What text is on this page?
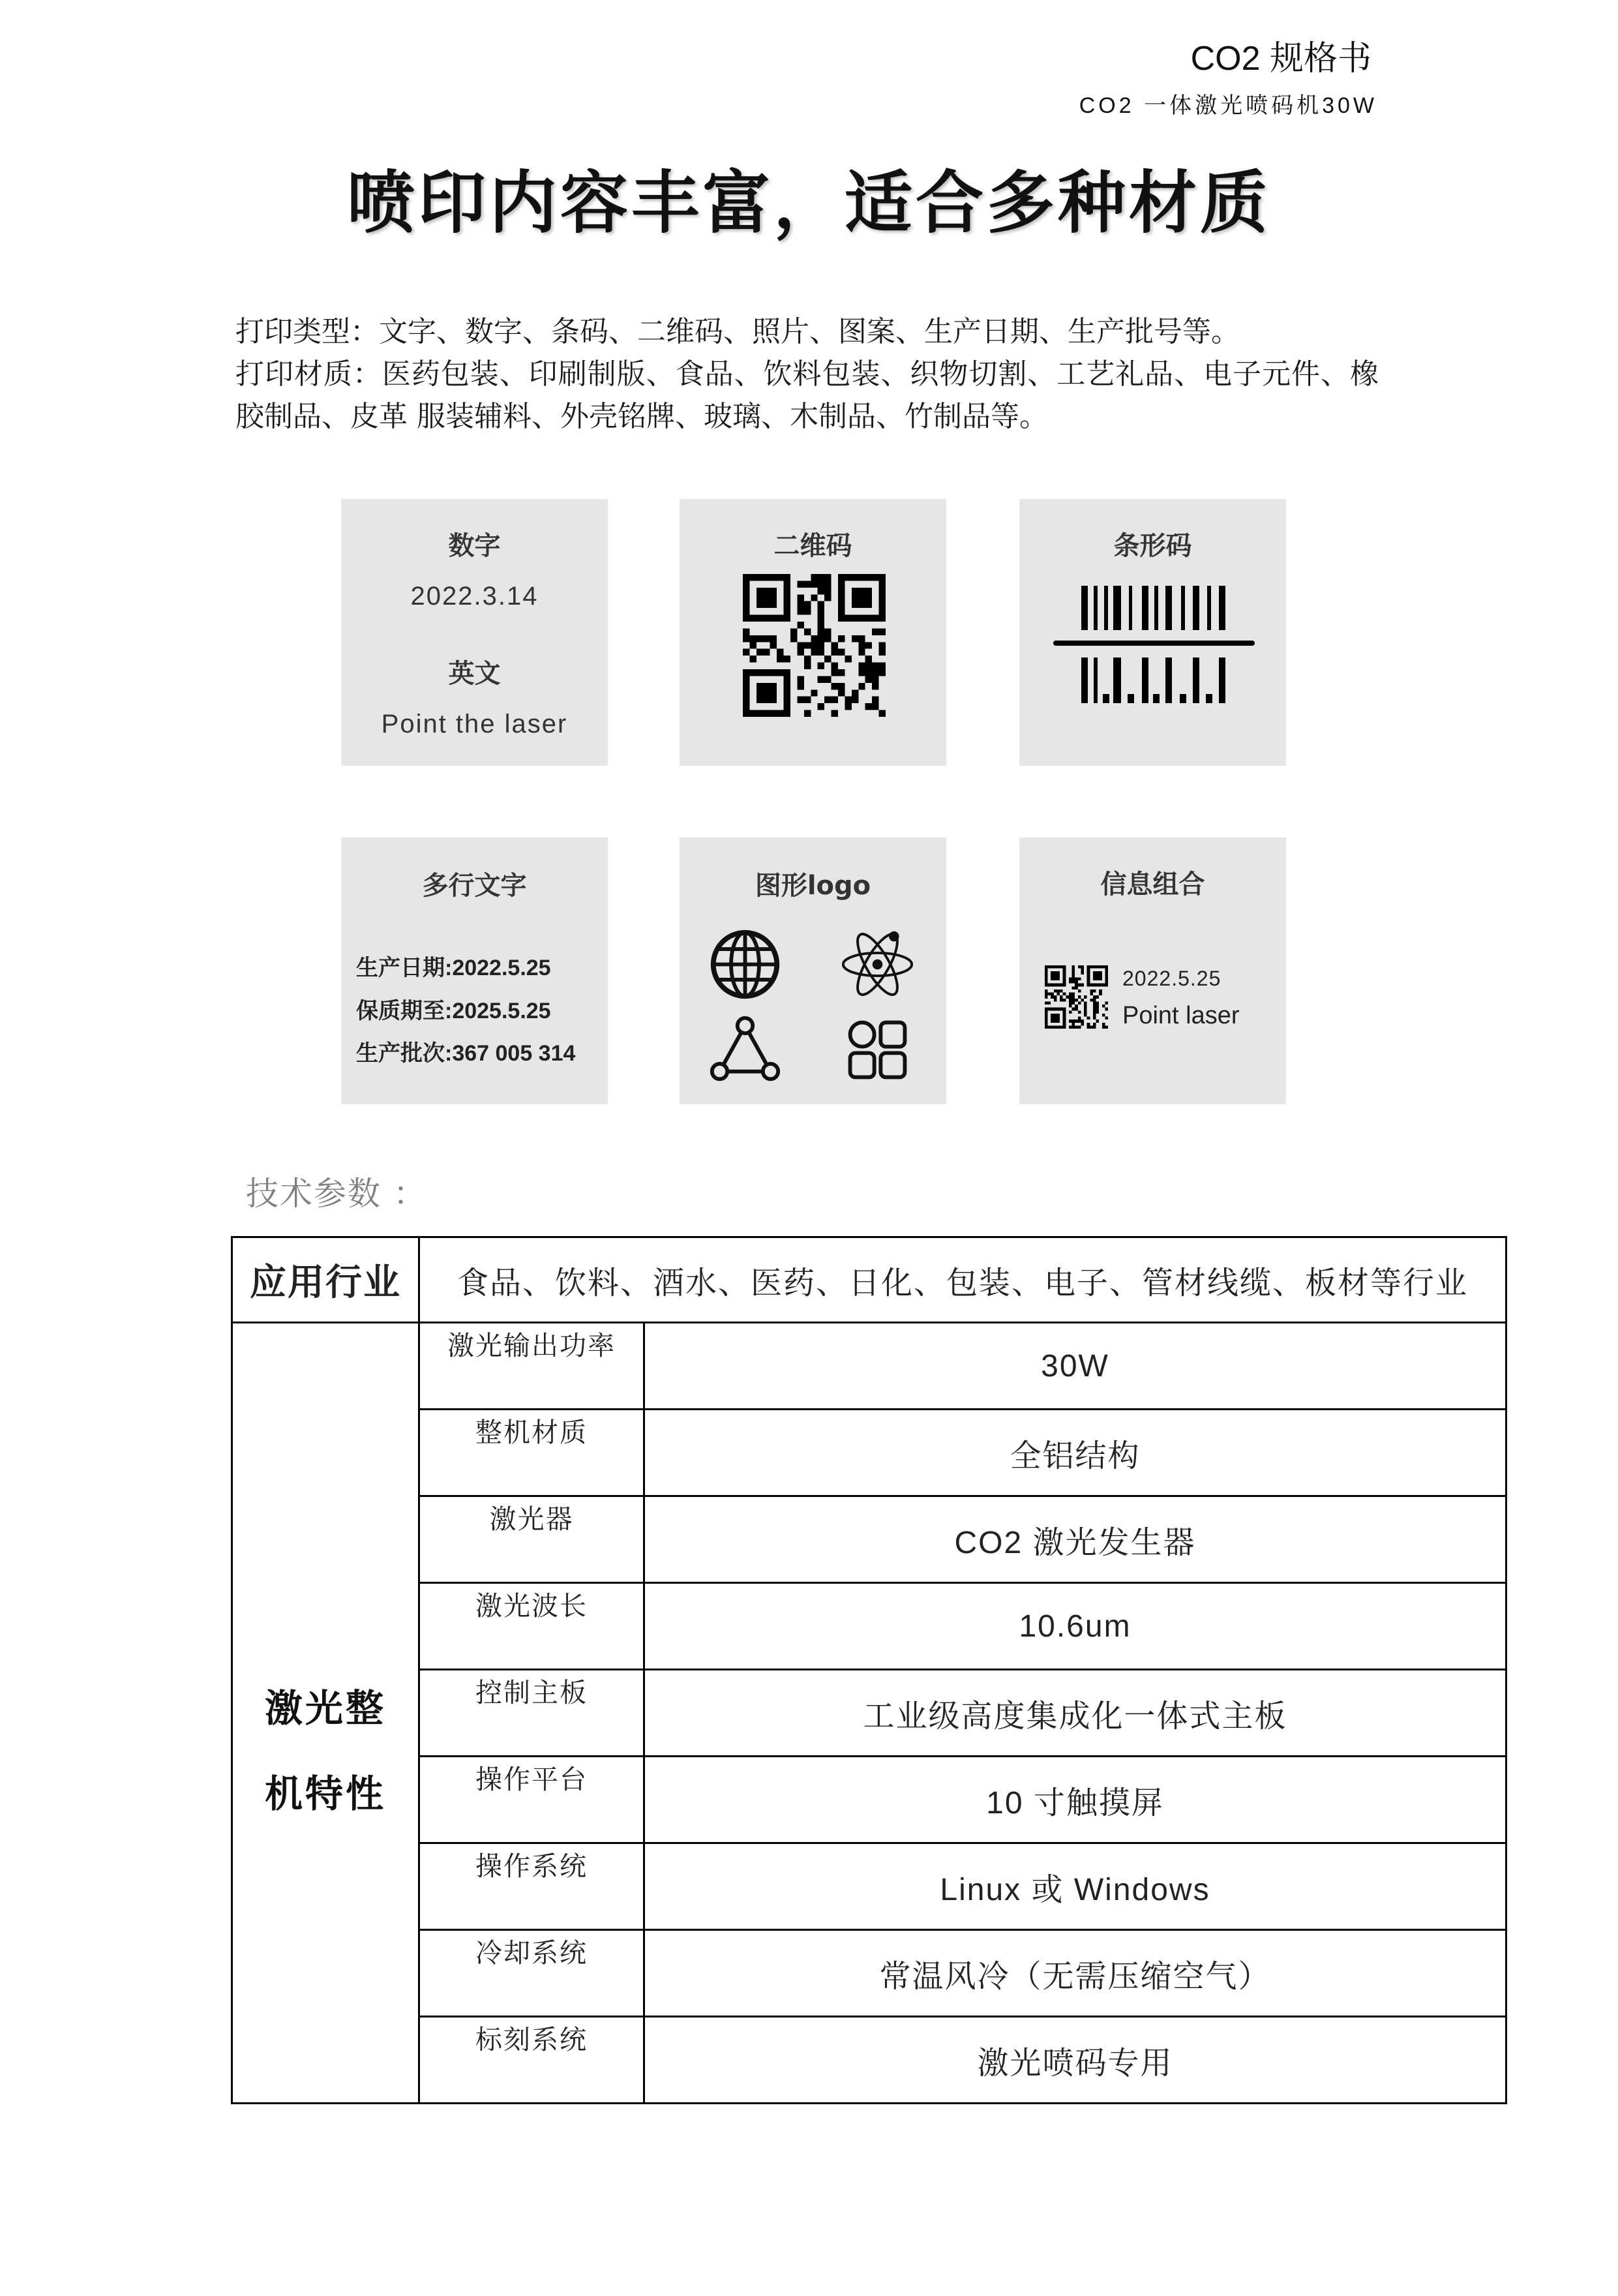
CO2 规格书
CO2 一体激光喷码机30W
喷印内容丰富，适合多种材质

打印类型：文字、数字、条码、二维码、照片、图案、生产日期、生产批号等。

打印材质：医药包装、印刷制版、食品、饮料包装、织物切割、工艺礼品、电子元件、橡胶制品、皮革 服装辅料、外壳铭牌、玻璃、木制品、竹制品等。

数字
2022.3.14
英文
Point the laser
二维码	条形码
多行文字
生产日期:2022.5.25
保质期至:2025.5.25
生产批次:367 005 314
图形logo	信息组合
2022.5.25
Point laser
技术参数 ：
应用行业	食品、饮料、酒水、医药、日化、包装、电子、管材线缆、板材等行业	

激光整机特性	激光输出功率	30W
	整机材质	全铝结构
	激光器	CO2 激光发生器
	激光波长	10.6um
	控制主板	工业级高度集成化一体式主板
	操作平台	10 寸触摸屏
	操作系统	Linux 或 Windows
	冷却系统	常温风冷（无需压缩空气）
	标刻系统	激光喷码专用
